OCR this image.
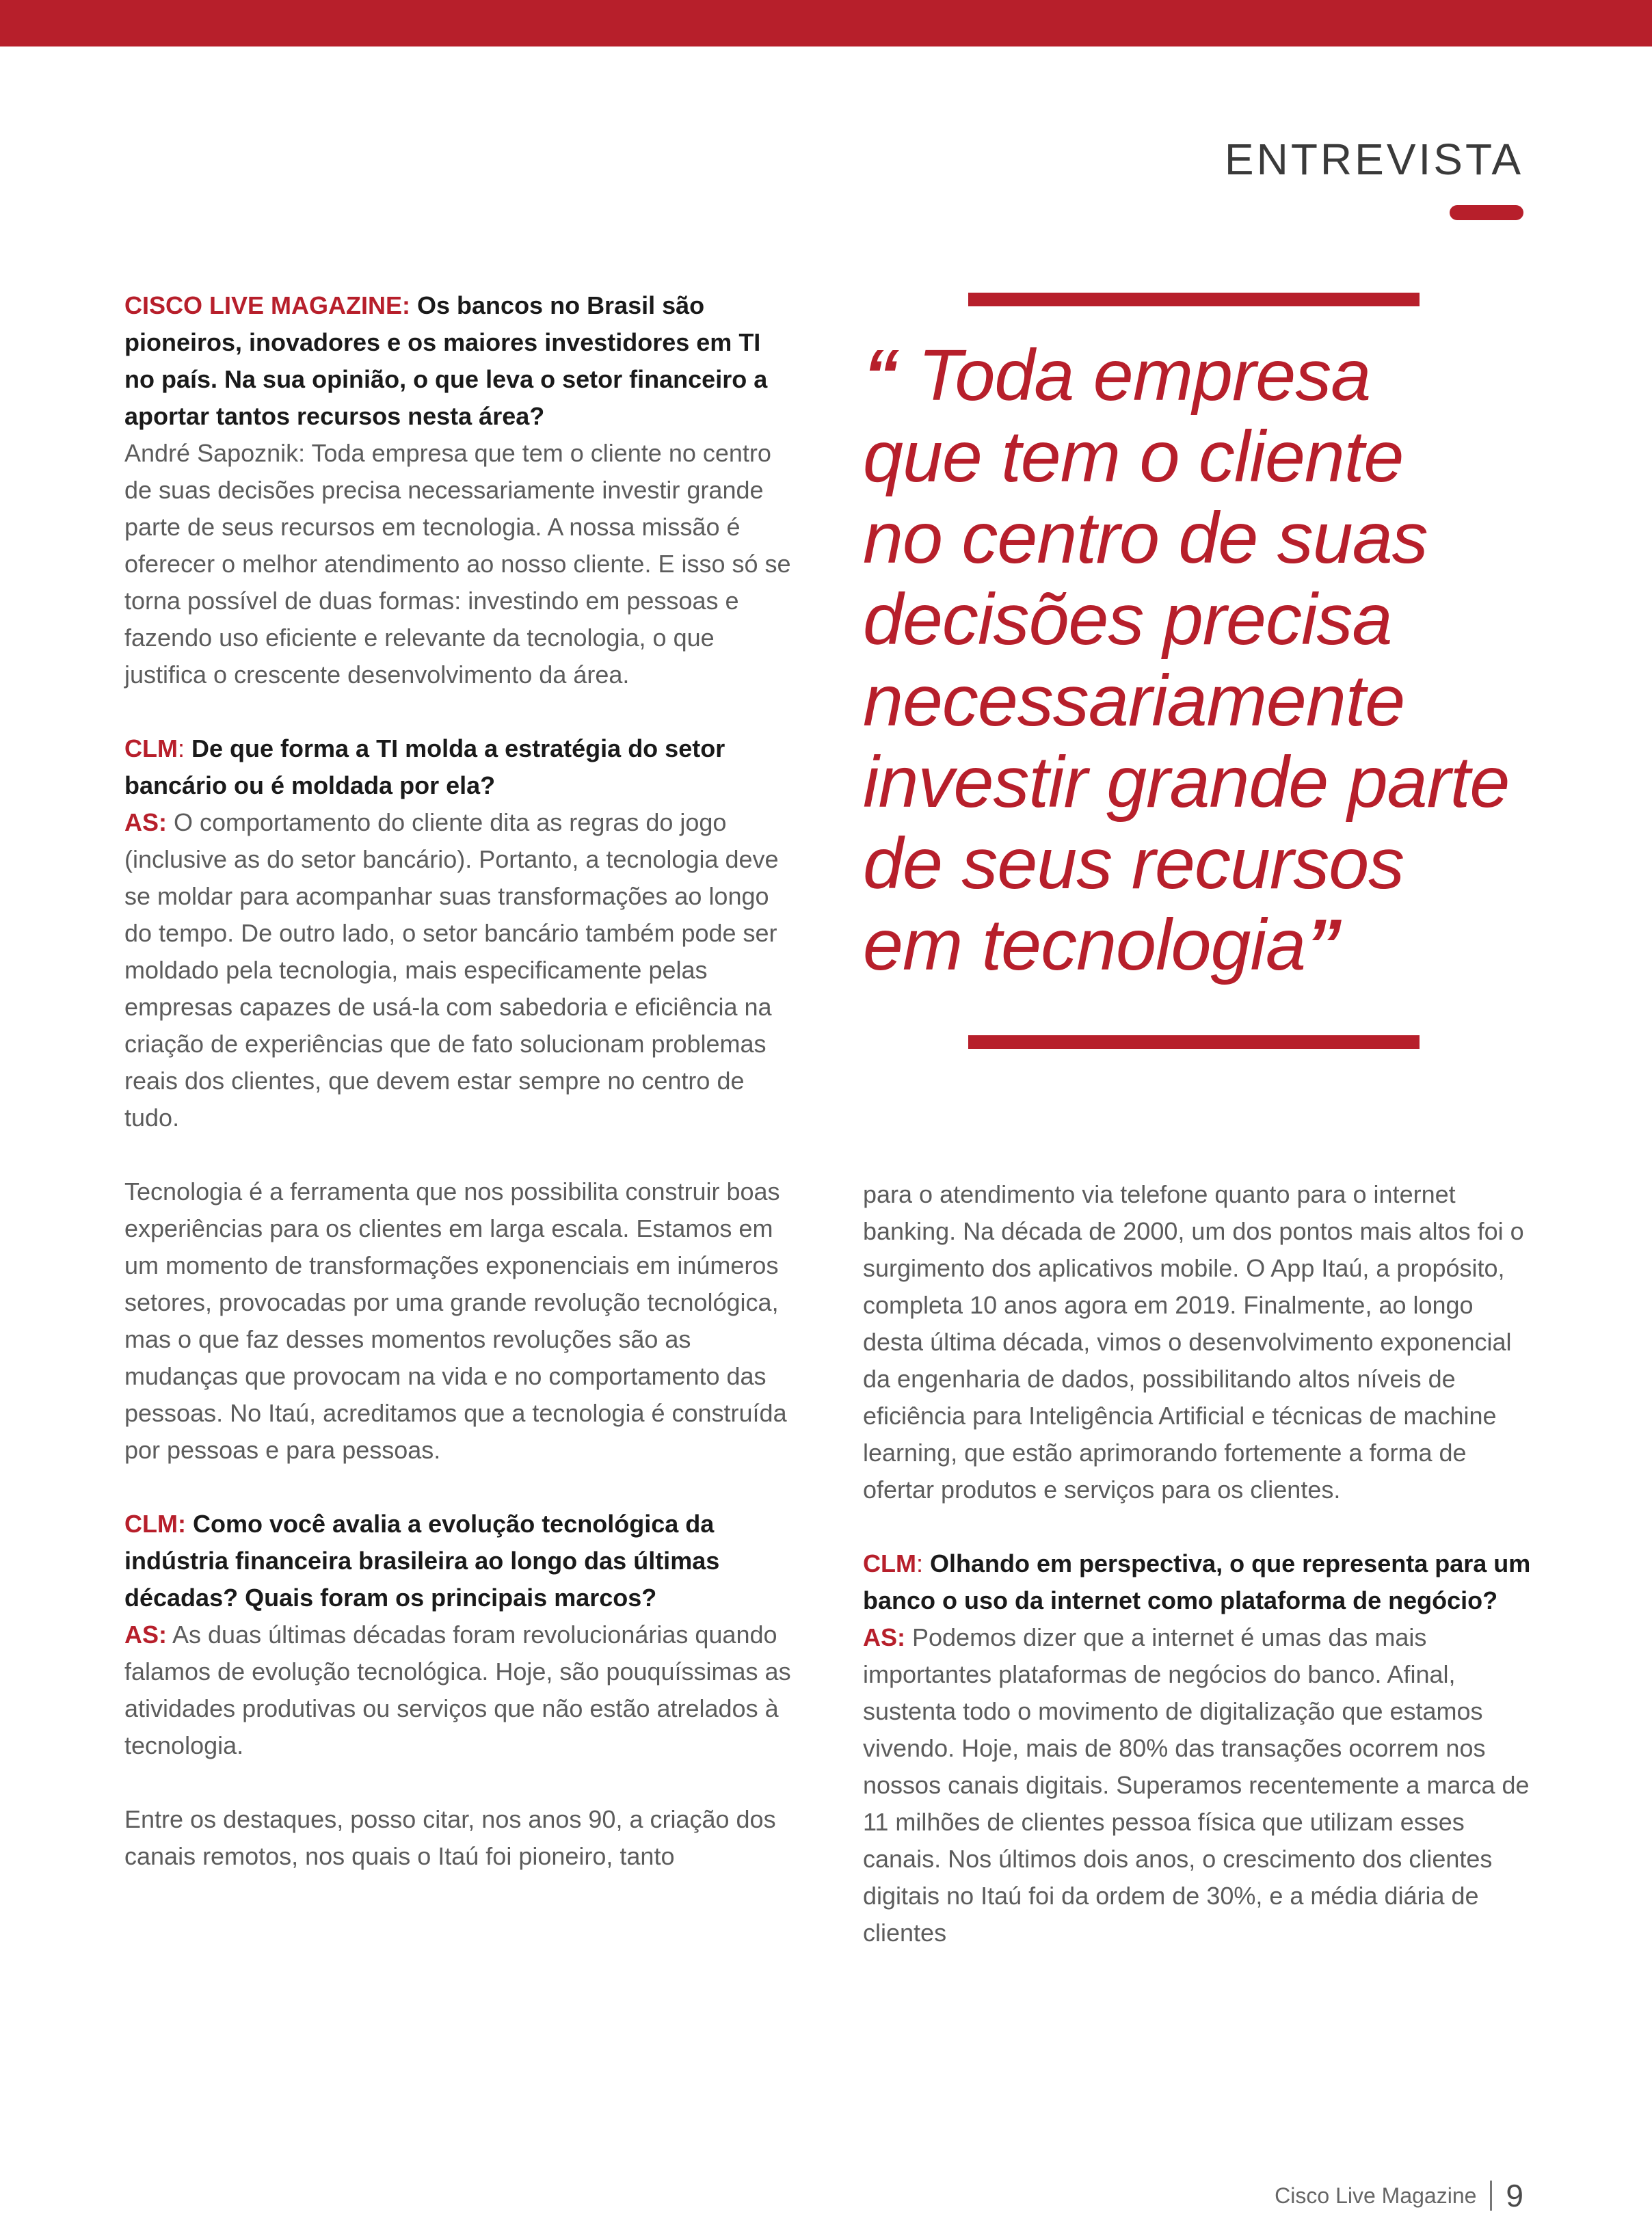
ENTREVISTA

CISCO LIVE MAGAZINE: Os bancos no Brasil são pioneiros, inovadores e os maiores investidores em TI no país. Na sua opinião, o que leva o setor financeiro a aportar tantos recursos nesta área?

André Sapoznik: Toda empresa que tem o cliente no centro de suas decisões precisa necessariamente investir grande parte de seus recursos em tecnologia. A nossa missão é oferecer o melhor atendimento ao nosso cliente. E isso só se torna possível de duas formas: investindo em pessoas e fazendo uso eficiente e relevante da tecnologia, o que justifica o crescente desenvolvimento da área.

CLM: De que forma a TI molda a estratégia do setor bancário ou é moldada por ela?

AS: O comportamento do cliente dita as regras do jogo (inclusive as do setor bancário). Portanto, a tecnologia deve se moldar para acompanhar suas transformações ao longo do tempo. De outro lado, o setor bancário também pode ser moldado pela tecnologia, mais especificamente pelas empresas capazes de usá-la com sabedoria e eficiência na criação de experiências que de fato solucionam problemas reais dos clientes, que devem estar sempre no centro de tudo.

Tecnologia é a ferramenta que nos possibilita construir boas experiências para os clientes em larga escala. Estamos em um momento de transformações exponenciais em inúmeros setores, provocadas por uma grande revolução tecnológica, mas o que faz desses momentos revoluções são as mudanças que provocam na vida e no comportamento das pessoas. No Itaú, acreditamos que a tecnologia é construída por pessoas e para pessoas.

CLM: Como você avalia a evolução tecnológica da indústria financeira brasileira ao longo das últimas décadas? Quais foram os principais marcos?

AS: As duas últimas décadas foram revolucionárias quando falamos de evolução tecnológica. Hoje, são pouquíssimas as atividades produtivas ou serviços que não estão atrelados à tecnologia.

Entre os destaques, posso citar, nos anos 90, a criação dos canais remotos, nos quais o Itaú foi pioneiro, tanto

“ Toda empresa
que tem o cliente
no centro de suas
decisões precisa
necessariamente
investir grande parte
de seus recursos
em tecnologia”

para o atendimento via telefone quanto para o internet banking. Na década de 2000, um dos pontos mais altos foi o surgimento dos aplicativos mobile. O App Itaú, a propósito, completa 10 anos agora em 2019. Finalmente, ao longo desta última década, vimos o desenvolvimento exponencial da engenharia de dados, possibilitando altos níveis de eficiência para Inteligência Artificial e técnicas de machine learning, que estão aprimorando fortemente a forma de ofertar produtos e serviços para os clientes.

CLM: Olhando em perspectiva, o que representa para um banco o uso da internet como plataforma de negócio?

AS: Podemos dizer que a internet é umas das mais importantes plataformas de negócios do banco. Afinal, sustenta todo o movimento de digitalização que estamos vivendo. Hoje, mais de 80% das transações ocorrem nos nossos canais digitais. Superamos recentemente a marca de 11 milhões de clientes pessoa física que utilizam esses canais. Nos últimos dois anos, o crescimento dos clientes digitais no Itaú foi da ordem de 30%, e a média diária de clientes

Cisco Live Magazine 9
